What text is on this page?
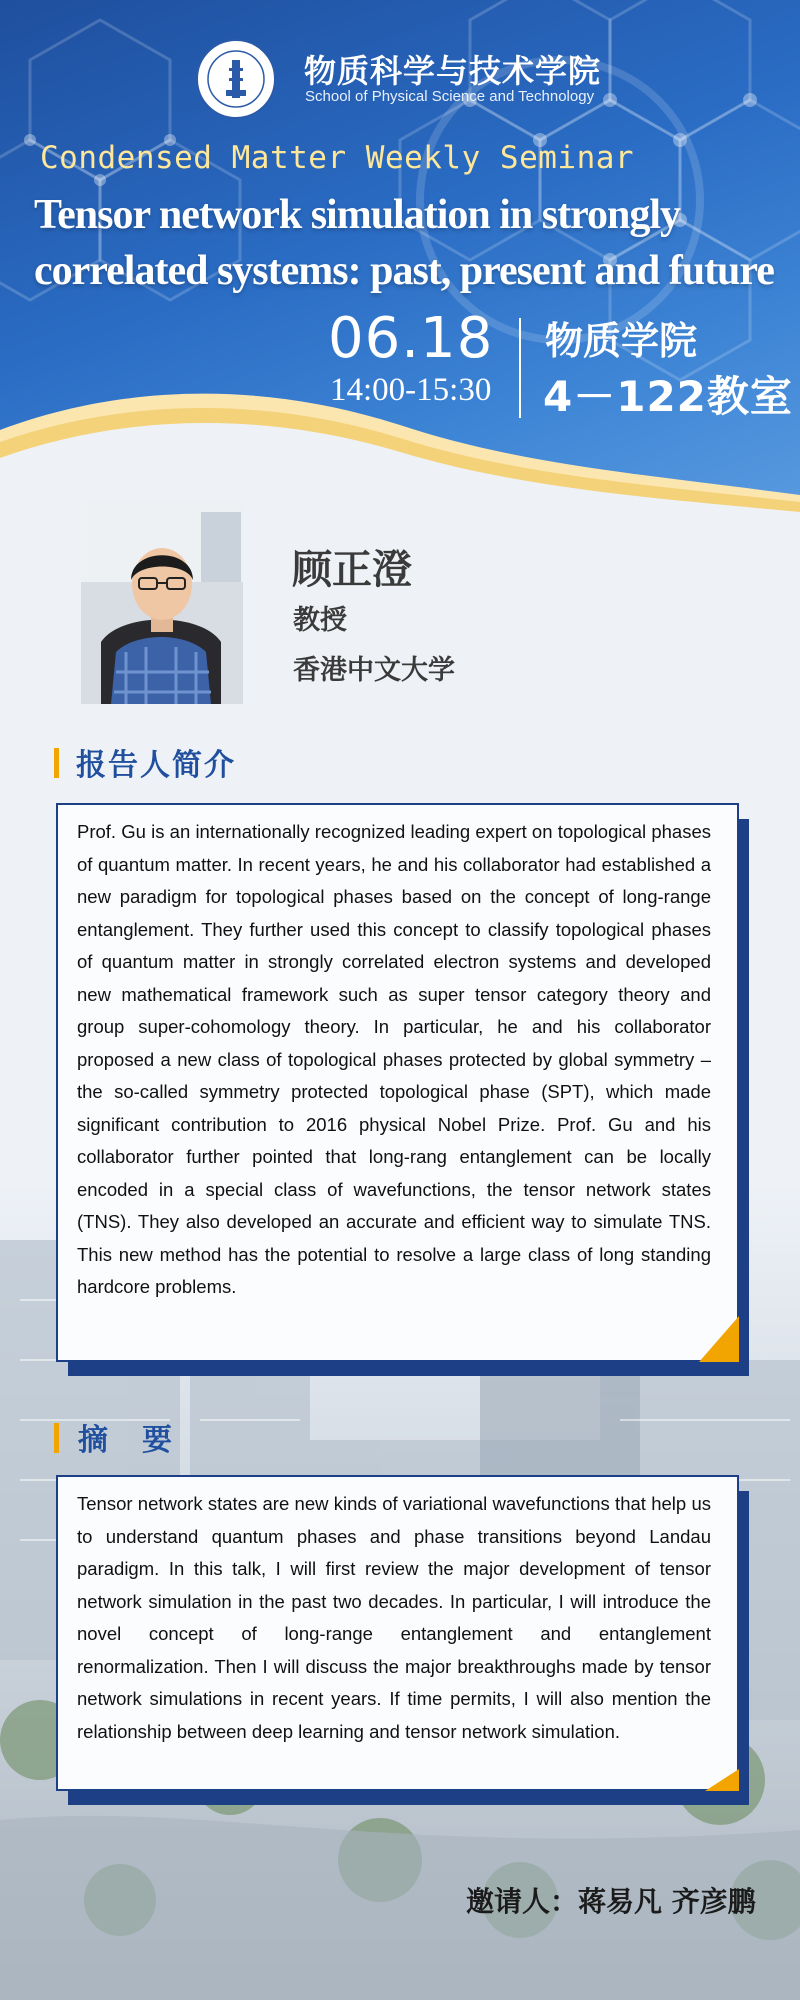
物质科学与技术学院
School of Physical Science and Technology
Condensed Matter Weekly Seminar
Tensor network simulation in strongly correlated systems: past, present and future
06.18
14:00-15:30
物质学院
4－122教室
顾正澄
教授
香港中文大学
报告人简介
Prof. Gu is an internationally recognized leading expert on topological phases of quantum matter. In recent years, he and his collaborator had established a new paradigm for topological phases based on the concept of long-range entanglement. They further used this concept to classify topological phases of quantum matter in strongly correlated electron systems and developed new mathematical framework such as super tensor category theory and group super-cohomology theory. In particular, he and his collaborator proposed a new class of topological phases protected by global symmetry – the so-called symmetry protected topological phase (SPT), which made significant contribution to 2016 physical Nobel Prize. Prof. Gu and his collaborator further pointed that long-rang entanglement can be locally encoded in a special class of wavefunctions, the tensor network states (TNS). They also developed an accurate and efficient way to simulate TNS. This new method has the potential to resolve a large class of long standing hardcore problems.
摘　要
Tensor network states are new kinds of variational wavefunctions that help us to understand quantum phases and phase transitions beyond Landau paradigm. In this talk, I will first review the major development of tensor network simulation in the past two decades. In particular, I will introduce the novel concept of long-range entanglement and entanglement renormalization. Then I will discuss the major breakthroughs made by tensor network simulations in recent years. If time permits, I will also mention the relationship between deep learning and tensor network simulation.
邀请人：蒋易凡 齐彦鹏
